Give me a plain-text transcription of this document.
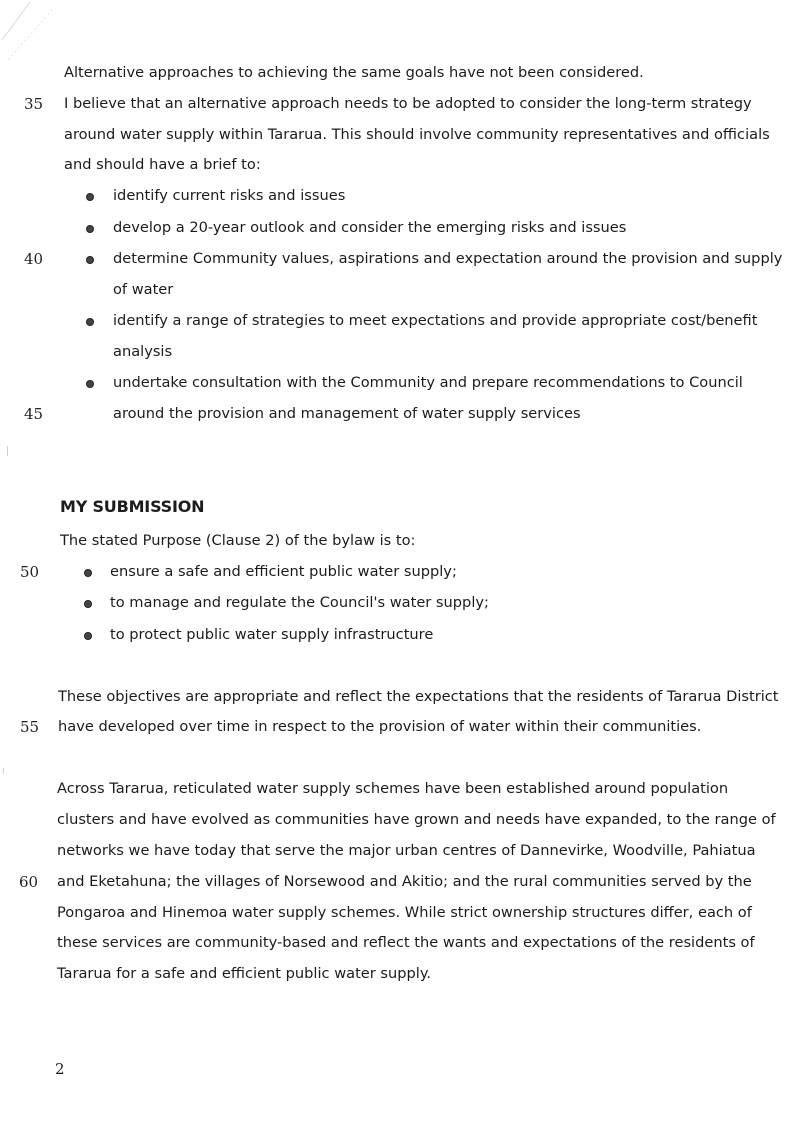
Alternative approaches to achieving the same goals have not been considered.
35 I believe that an alternative approach needs to be adopted to consider the long-term strategy
around water supply within Tararua. This should involve community representatives and officials
and should have a brief to:
identify current risks and issues
develop a 20-year outlook and consider the emerging risks and issues
40	determine Community values, aspirations and expectation around the provision and supply
of water
identify a range of strategies to meet expectations and provide appropriate cost/benefit
analysis
undertake consultation with the Community and prepare recommendations to Council
45	around the provision and management of water supply services
MY SUBMISSION
The stated Purpose (Clause 2) of the bylaw is to:
50	ensure a safe and efficient public water supply;
to manage and regulate the Council's water supply;
to protect public water supply infrastructure
These objectives are appropriate and reflect the expectations that the residents of Tararua District
55 have developed over time in respect to the provision of water within their communities.
Across Tararua, reticulated water supply schemes have been established around population
clusters and have evolved as communities have grown and needs have expanded, to the range of
networks we have today that serve the major urban centres of Dannevirke, Woodville, Pahiatua
60 and Eketahuna; the villages of Norsewood and Akitio; and the rural communities served by the
Pongaroa and Hinemoa water supply schemes. While strict ownership structures differ, each of
these services are community-based and reflect the wants and expectations of the residents of
Tararua for a safe and efficient public water supply.
2
